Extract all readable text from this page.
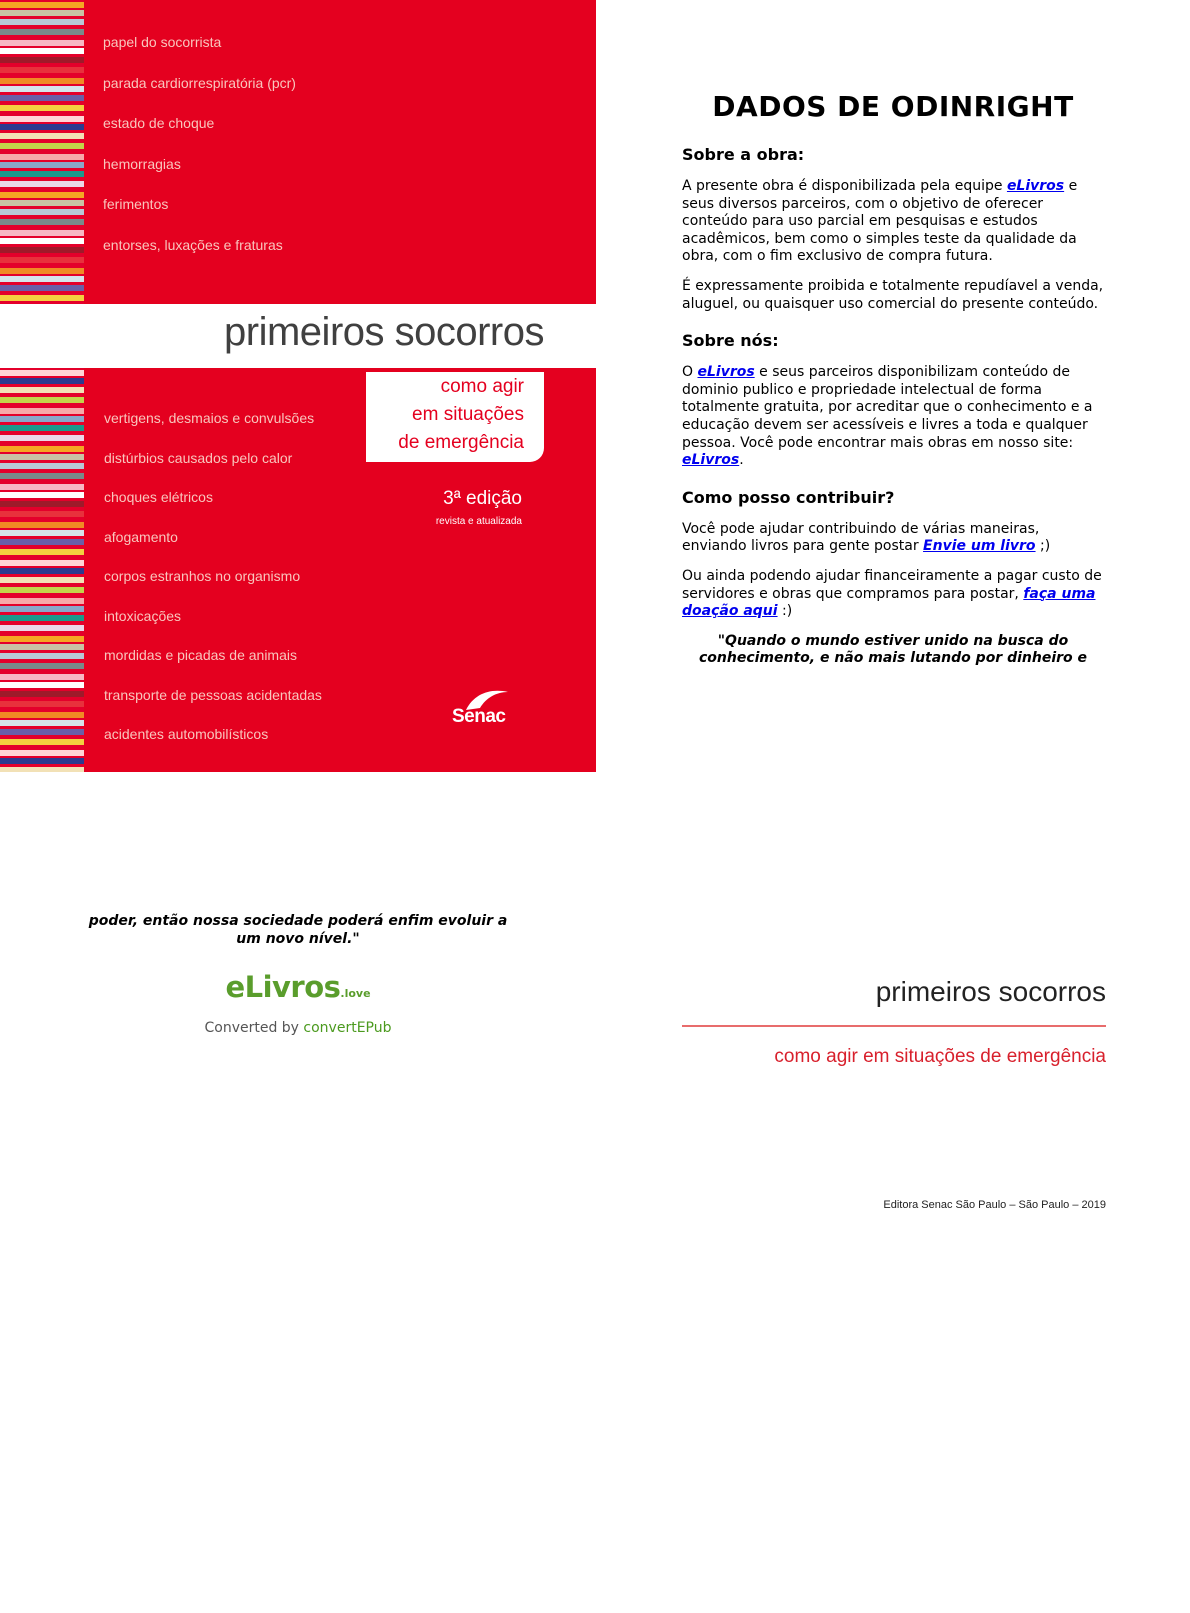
papel do socorrista
parada cardiorrespiratória (pcr)
estado de choque
hemorragias
ferimentos
entorses, luxações e fraturas
primeiros socorros
como agir
em situações
de emergência
3ª edição
revista e atualizada
vertigens, desmaios e convulsões
distúrbios causados pelo calor
choques elétricos
afogamento
corpos estranhos no organismo
intoxicações
mordidas e picadas de animais
transporte de pessoas acidentadas
acidentes automobilísticos
Senac
DADOS DE ODINRIGHT
Sobre a obra:

A presente obra é disponibilizada pela equipe eLivros e seus diversos parceiros, com o objetivo de oferecer conteúdo para uso parcial em pesquisas e estudos acadêmicos, bem como o simples teste da qualidade da obra, com o fim exclusivo de compra futura.

É expressamente proibida e totalmente repudíavel a venda, aluguel, ou quaisquer uso comercial do presente conteúdo.

Sobre nós:

O eLivros e seus parceiros disponibilizam conteúdo de dominio publico e propriedade intelectual de forma totalmente gratuita, por acreditar que o conhecimento e a educação devem ser acessíveis e livres a toda e qualquer pessoa. Você pode encontrar mais obras em nosso site: eLivros.

Como posso contribuir?

Você pode ajudar contribuindo de várias maneiras, enviando livros para gente postar Envie um livro ;)

Ou ainda podendo ajudar financeiramente a pagar custo de servidores e obras que compramos para postar, faça uma doação aqui :)

"Quando o mundo estiver unido na busca do conhecimento, e não mais lutando por dinheiro e

poder, então nossa sociedade poderá enfim evoluir a um novo nível."
eLivros.love
Converted by convertEPub
primeiros socorros
como agir em situações de emergência
Editora Senac São Paulo – São Paulo – 2019
